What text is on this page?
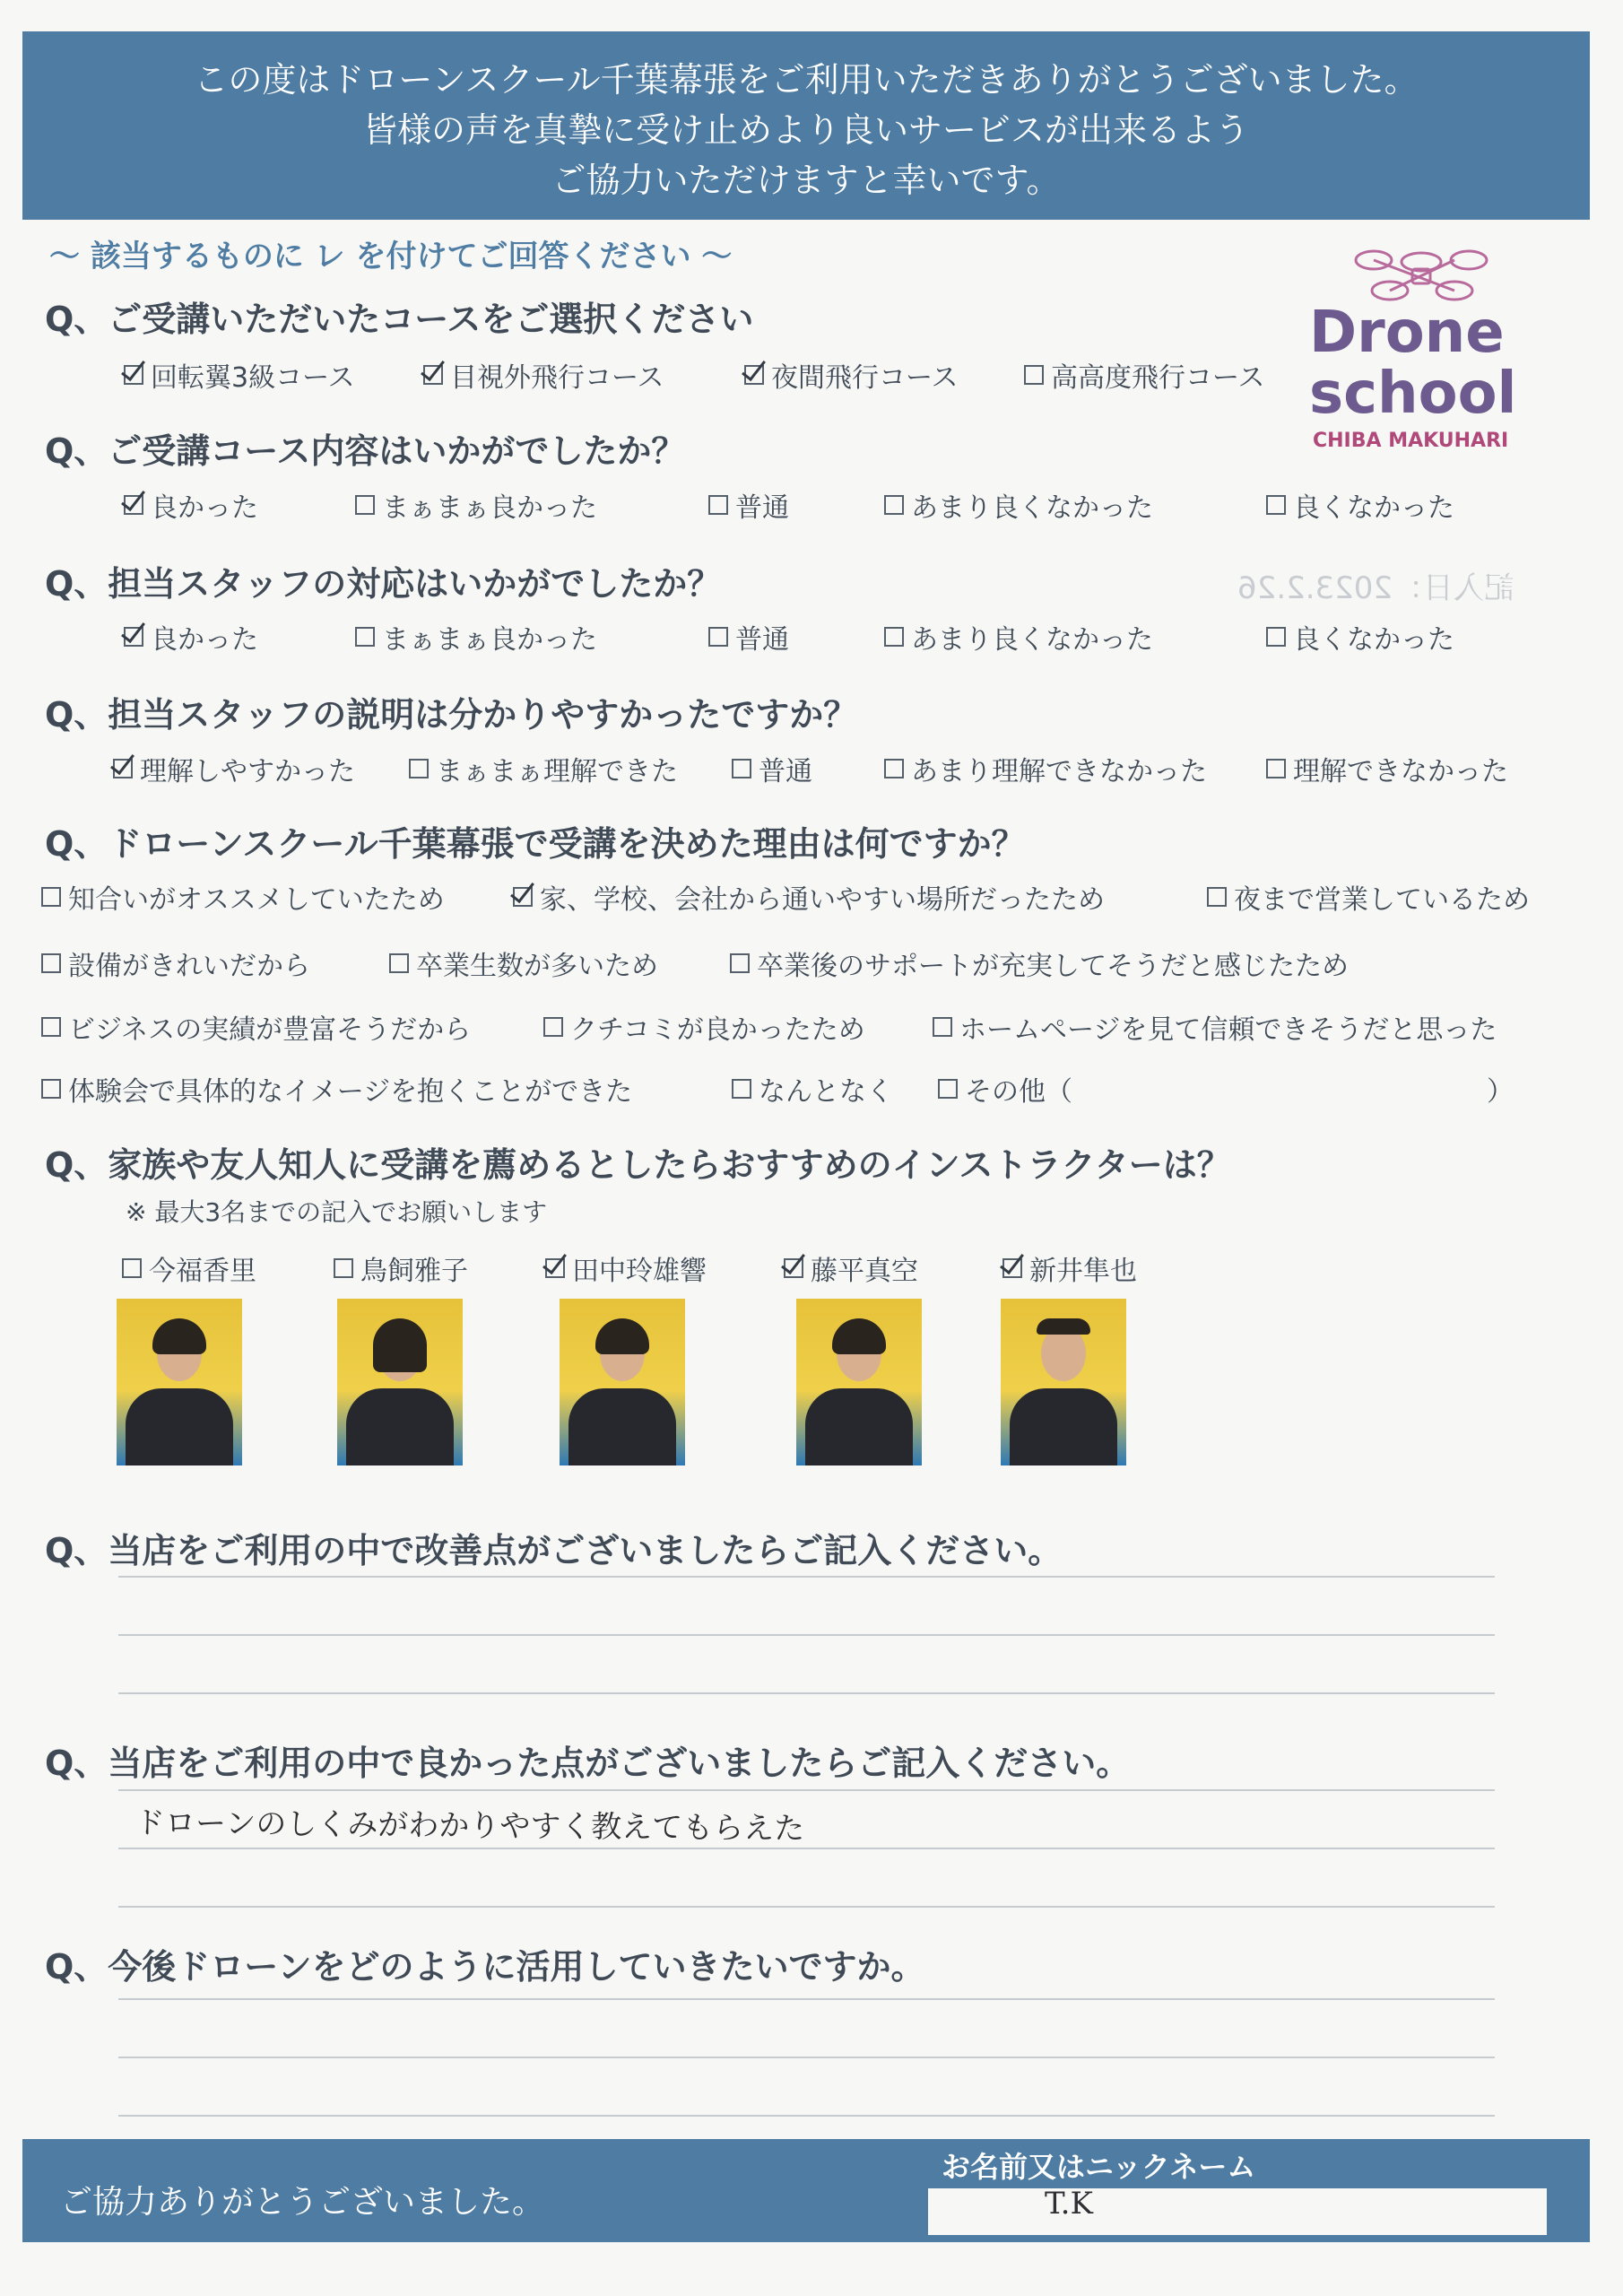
この度はドローンスクール千葉幕張をご利用いただきありがとうございました。
皆様の声を真摯に受け止めより良いサービスが出来るよう
ご協力いただけますと幸いです。
〜 該当するものに レ を付けてご回答ください 〜
Drone
school
CHIBA MAKUHARI
Q、ご受講いただいたコースをご選択ください
回転翼3級コース	目視外飛行コース	夜間飛行コース	高高度飛行コース
Q、ご受講コース内容はいかがでしたか？
良かった	まぁまぁ良かった	普通	あまり良くなかった	良くなかった
記入日：2023.2.26
Q、担当スタッフの対応はいかがでしたか？
良かった	まぁまぁ良かった	普通	あまり良くなかった	良くなかった
Q、担当スタッフの説明は分かりやすかったですか？
理解しやすかった	まぁまぁ理解できた	普通	あまり理解できなかった	理解できなかった
Q、ドローンスクール千葉幕張で受講を決めた理由は何ですか？
知合いがオススメしていたため	家、学校、会社から通いやすい場所だったため	夜まで営業しているため
設備がきれいだから	卒業生数が多いため	卒業後のサポートが充実してそうだと感じたため
ビジネスの実績が豊富そうだから	クチコミが良かったため	ホームページを見て信頼できそうだと思った
体験会で具体的なイメージを抱くことができた	なんとなく	その他（	）
Q、家族や友人知人に受講を薦めるとしたらおすすめのインストラクターは？
※ 最大3名までの記入でお願いします
今福香里	鳥飼雅子	田中玲雄響	藤平真空	新井隼也
Q、当店をご利用の中で改善点がございましたらご記入ください。
Q、当店をご利用の中で良かった点がございましたらご記入ください。
ドローンのしくみがわかりやすく教えてもらえた
Q、今後ドローンをどのように活用していきたいですか。
ご協力ありがとうございました。
お名前又はニックネーム
T.K
